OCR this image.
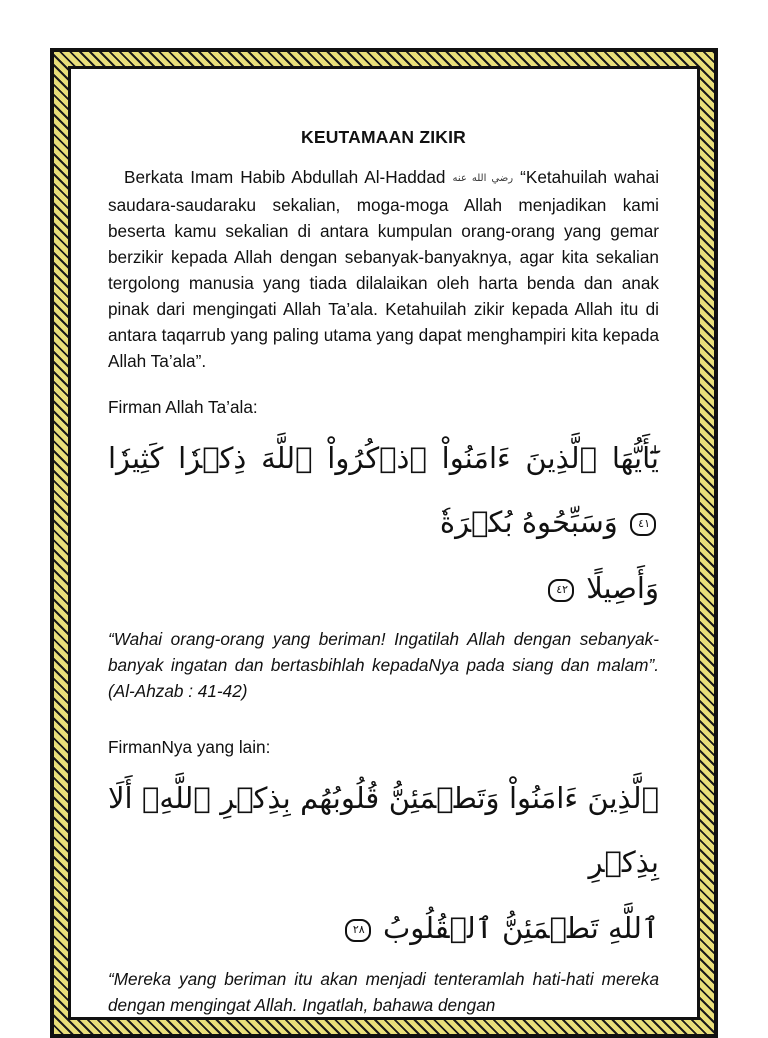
KEUTAMAAN ZIKIR

Berkata Imam Habib Abdullah Al-Haddad رضي الله عنه “Ketahuilah wahai saudara-saudaraku sekalian, moga-moga Allah menjadikan kami beserta kamu sekalian di antara kumpulan orang-orang yang gemar berzikir kepada Allah dengan sebanyak-banyaknya, agar kita sekalian tergolong manusia yang tiada dilalaikan oleh harta benda dan anak pinak dari mengingati Allah Ta’ala. Ketahuilah zikir kepada Allah itu di antara taqarrub yang paling utama yang dapat menghampiri kita kepada Allah Ta’ala”.

Firman Allah Ta’ala:

يَٰٓأَيُّهَا ٱلَّذِينَ ءَامَنُواْ ٱذۡكُرُواْ ٱللَّهَ ذِكۡرٗا كَثِيرٗا ٤١ وَسَبِّحُوهُ بُكۡرَةٗ
وَأَصِيلًا ٤٢

“Wahai orang-orang yang beriman! Ingatilah Allah dengan sebanyak-banyak ingatan dan bertasbihlah kepadaNya pada siang dan malam”. (Al-Ahzab : 41-42)

FirmanNya yang lain:

ٱلَّذِينَ ءَامَنُواْ وَتَطۡمَئِنُّ قُلُوبُهُم بِذِكۡرِ ٱللَّهِۗ أَلَا بِذِكۡرِ
ٱللَّهِ تَطۡمَئِنُّ ٱلۡقُلُوبُ ٢٨

“Mereka yang beriman itu akan menjadi tenteramlah hati-hati mereka dengan mengingat Allah. Ingatlah, bahawa dengan
